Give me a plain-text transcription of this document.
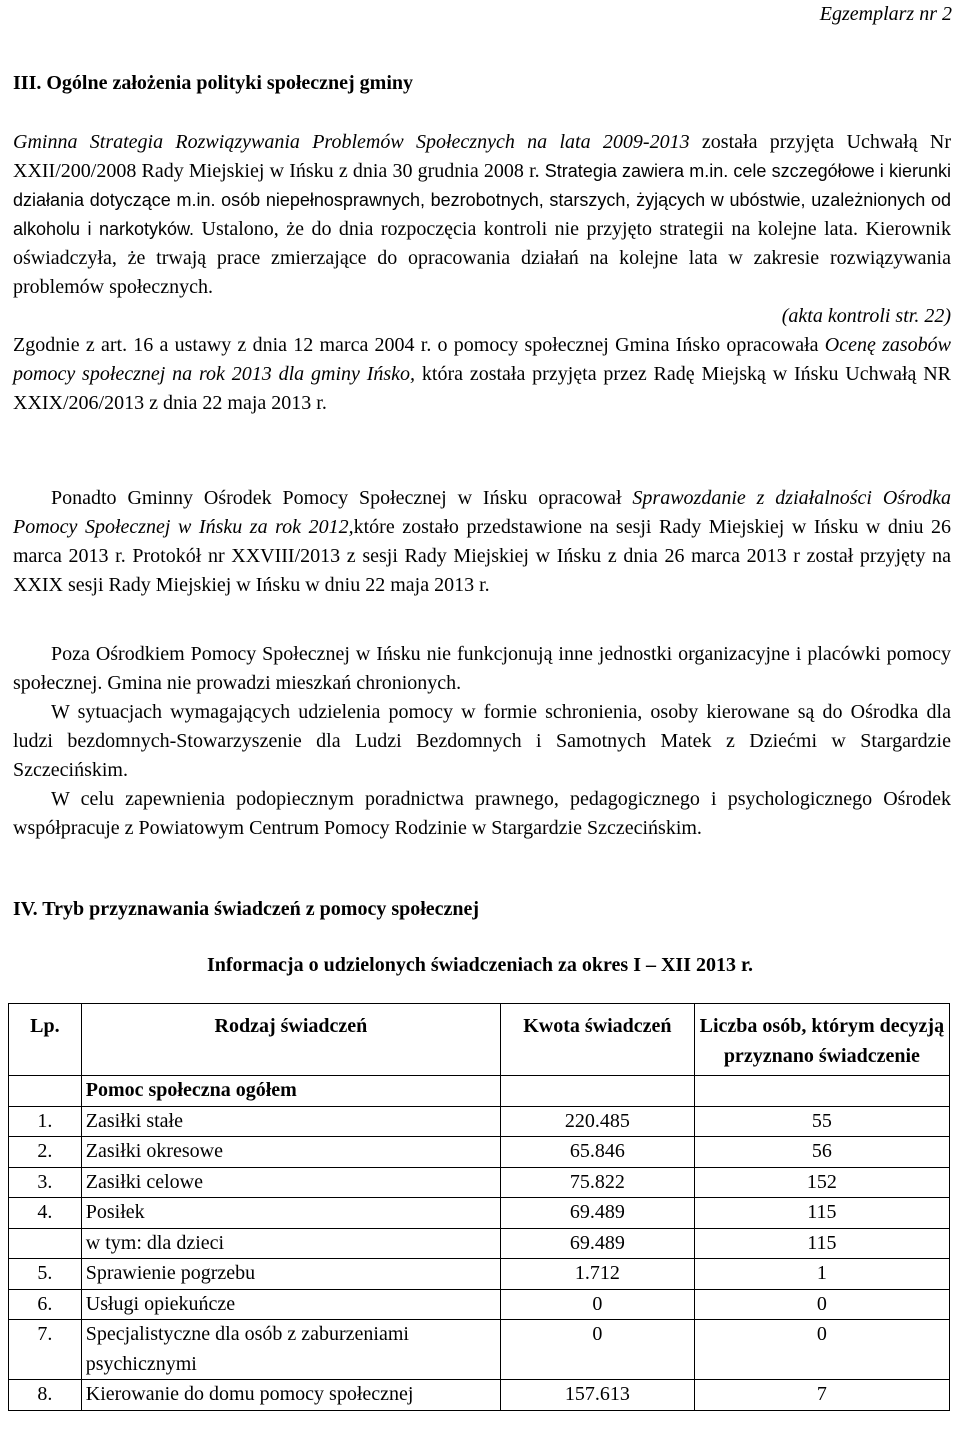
Egzemplarz nr 2
III. Ogólne założenia polityki społecznej gminy

Gminna Strategia Rozwiązywania Problemów Społecznych na lata 2009-2013 została przyjęta Uchwałą Nr XXII/200/2008 Rady Miejskiej w Ińsku z dnia 30 grudnia 2008 r. Strategia zawiera m.in. cele szczegółowe i kierunki działania dotyczące m.in. osób niepełnosprawnych, bezrobotnych, starszych, żyjących w ubóstwie, uzależnionych od alkoholu i narkotyków. Ustalono, że do dnia rozpoczęcia kontroli nie przyjęto strategii na kolejne lata. Kierownik oświadczyła, że trwają prace zmierzające do opracowania działań na kolejne lata w zakresie rozwiązywania problemów społecznych.

(akta kontroli str. 22)

Zgodnie z art. 16 a ustawy z dnia 12 marca 2004 r. o pomocy społecznej Gmina Ińsko opracowała Ocenę zasobów pomocy społecznej na rok 2013 dla gminy Ińsko, która została przyjęta przez Radę Miejską w Ińsku Uchwałą NR XXIX/206/2013 z dnia 22 maja 2013 r.

Ponadto Gminny Ośrodek Pomocy Społecznej w Ińsku opracował Sprawozdanie z działalności Ośrodka Pomocy Społecznej w Ińsku za rok 2012,które zostało przedstawione na sesji Rady Miejskiej w Ińsku w dniu 26 marca 2013 r. Protokół nr XXVIII/2013 z sesji Rady Miejskiej w Ińsku z dnia 26 marca 2013 r został przyjęty na XXIX sesji Rady Miejskiej w Ińsku w dniu 22 maja 2013 r.

Poza Ośrodkiem Pomocy Społecznej w Ińsku nie funkcjonują inne jednostki organizacyjne i placówki pomocy społecznej. Gmina nie prowadzi mieszkań chronionych.

W sytuacjach wymagających udzielenia pomocy w formie schronienia, osoby kierowane są do Ośrodka dla ludzi bezdomnych-Stowarzyszenie dla Ludzi Bezdomnych i Samotnych Matek z Dziećmi w Stargardzie Szczecińskim.

W celu zapewnienia podopiecznym poradnictwa prawnego, pedagogicznego i psychologicznego Ośrodek współpracuje z Powiatowym Centrum Pomocy Rodzinie w Stargardzie Szczecińskim.

IV. Tryb przyznawania świadczeń z pomocy społecznej
Informacja o udzielonych świadczeniach za okres I – XII 2013 r.
Lp.	Rodzaj świadczeń	Kwota świadczeń	Liczba osób, którym decyzją przyznano świadczenie
	Pomoc społeczna ogółem		
1.	Zasiłki stałe	220.485	55
2.	Zasiłki okresowe	65.846	56
3.	Zasiłki celowe	75.822	152
4.	Posiłek	69.489	115
	w tym: dla dzieci	69.489	115
5.	Sprawienie pogrzebu	1.712	1
6.	Usługi opiekuńcze	0	0
7.	Specjalistyczne dla osób z zaburzeniami psychicznymi	0	0
8.	Kierowanie do domu pomocy społecznej	157.613	7
